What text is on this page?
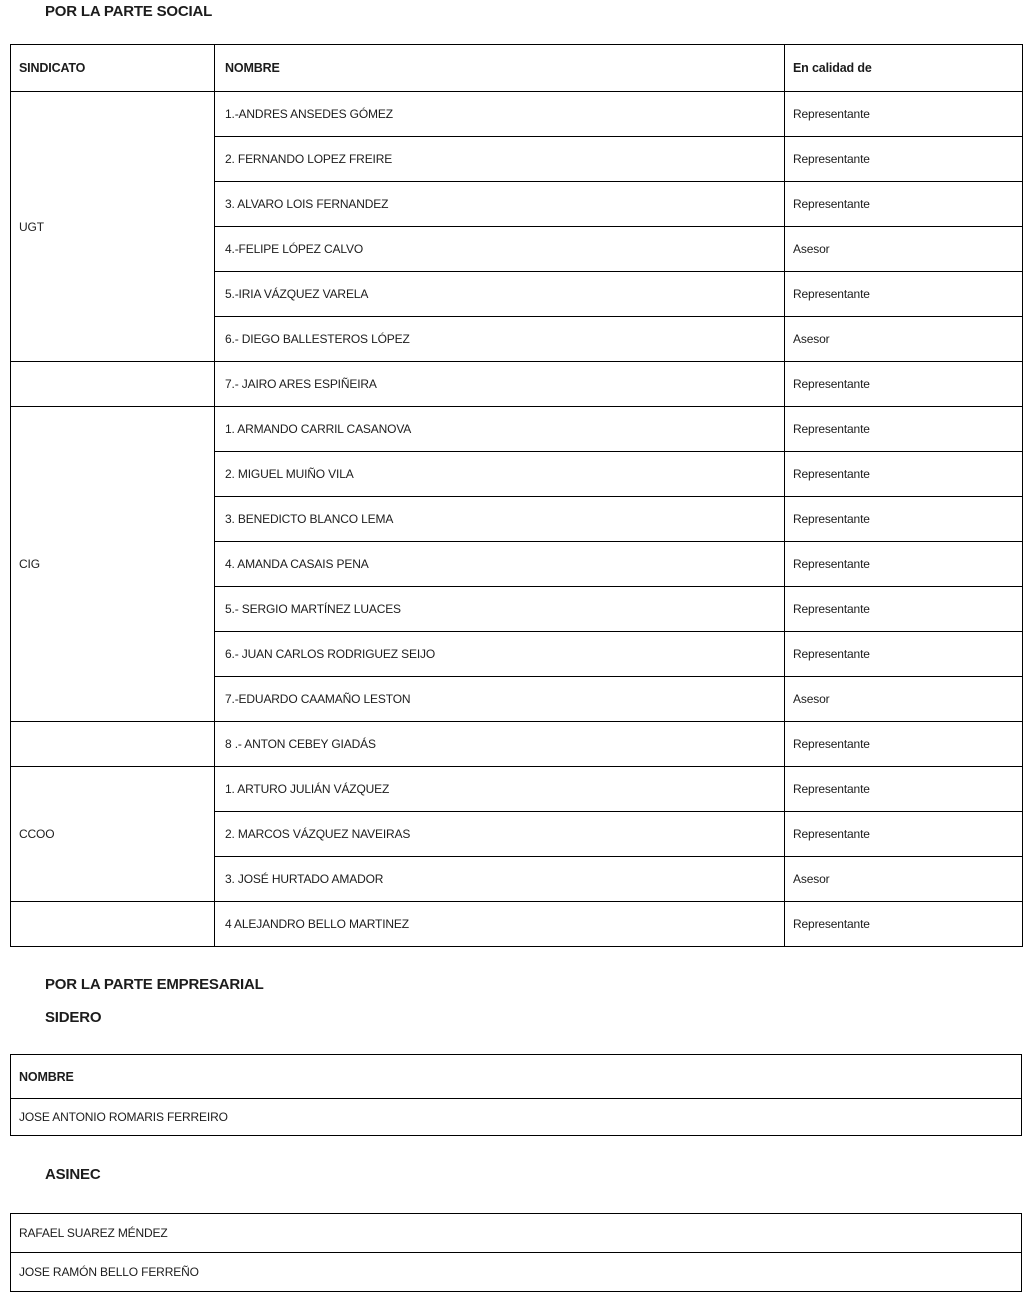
POR LA PARTE SOCIAL
SINDICATO	NOMBRE	En calidad de
UGT	1.-ANDRES ANSEDES GÓMEZ	Representante
	2. FERNANDO LOPEZ FREIRE	Representante
	3. ALVARO LOIS FERNANDEZ	Representante
	4.-FELIPE LÓPEZ CALVO	Asesor
	5.-IRIA VÁZQUEZ VARELA	Representante
	6.- DIEGO BALLESTEROS LÓPEZ	Asesor
	7.- JAIRO ARES ESPIÑEIRA	Representante
CIG	1. ARMANDO CARRIL CASANOVA	Representante
	2. MIGUEL MUIÑO VILA	Representante
	3. BENEDICTO BLANCO LEMA	Representante
	4. AMANDA CASAIS PENA	Representante
	5.- SERGIO MARTÍNEZ LUACES	Representante
	6.- JUAN CARLOS RODRIGUEZ SEIJO	Representante
	7.-EDUARDO CAAMAÑO LESTON	Asesor
	8 .- ANTON CEBEY GIADÁS	Representante
CCOO	1. ARTURO JULIÁN VÁZQUEZ	Representante
	2. MARCOS VÁZQUEZ NAVEIRAS	Representante
	3. JOSÉ HURTADO AMADOR	Asesor
	4 ALEJANDRO BELLO MARTINEZ	Representante
POR LA PARTE EMPRESARIAL
SIDERO
NOMBRE
JOSE ANTONIO ROMARIS FERREIRO
ASINEC
RAFAEL SUAREZ MÉNDEZ
JOSE RAMÓN BELLO FERREÑO
